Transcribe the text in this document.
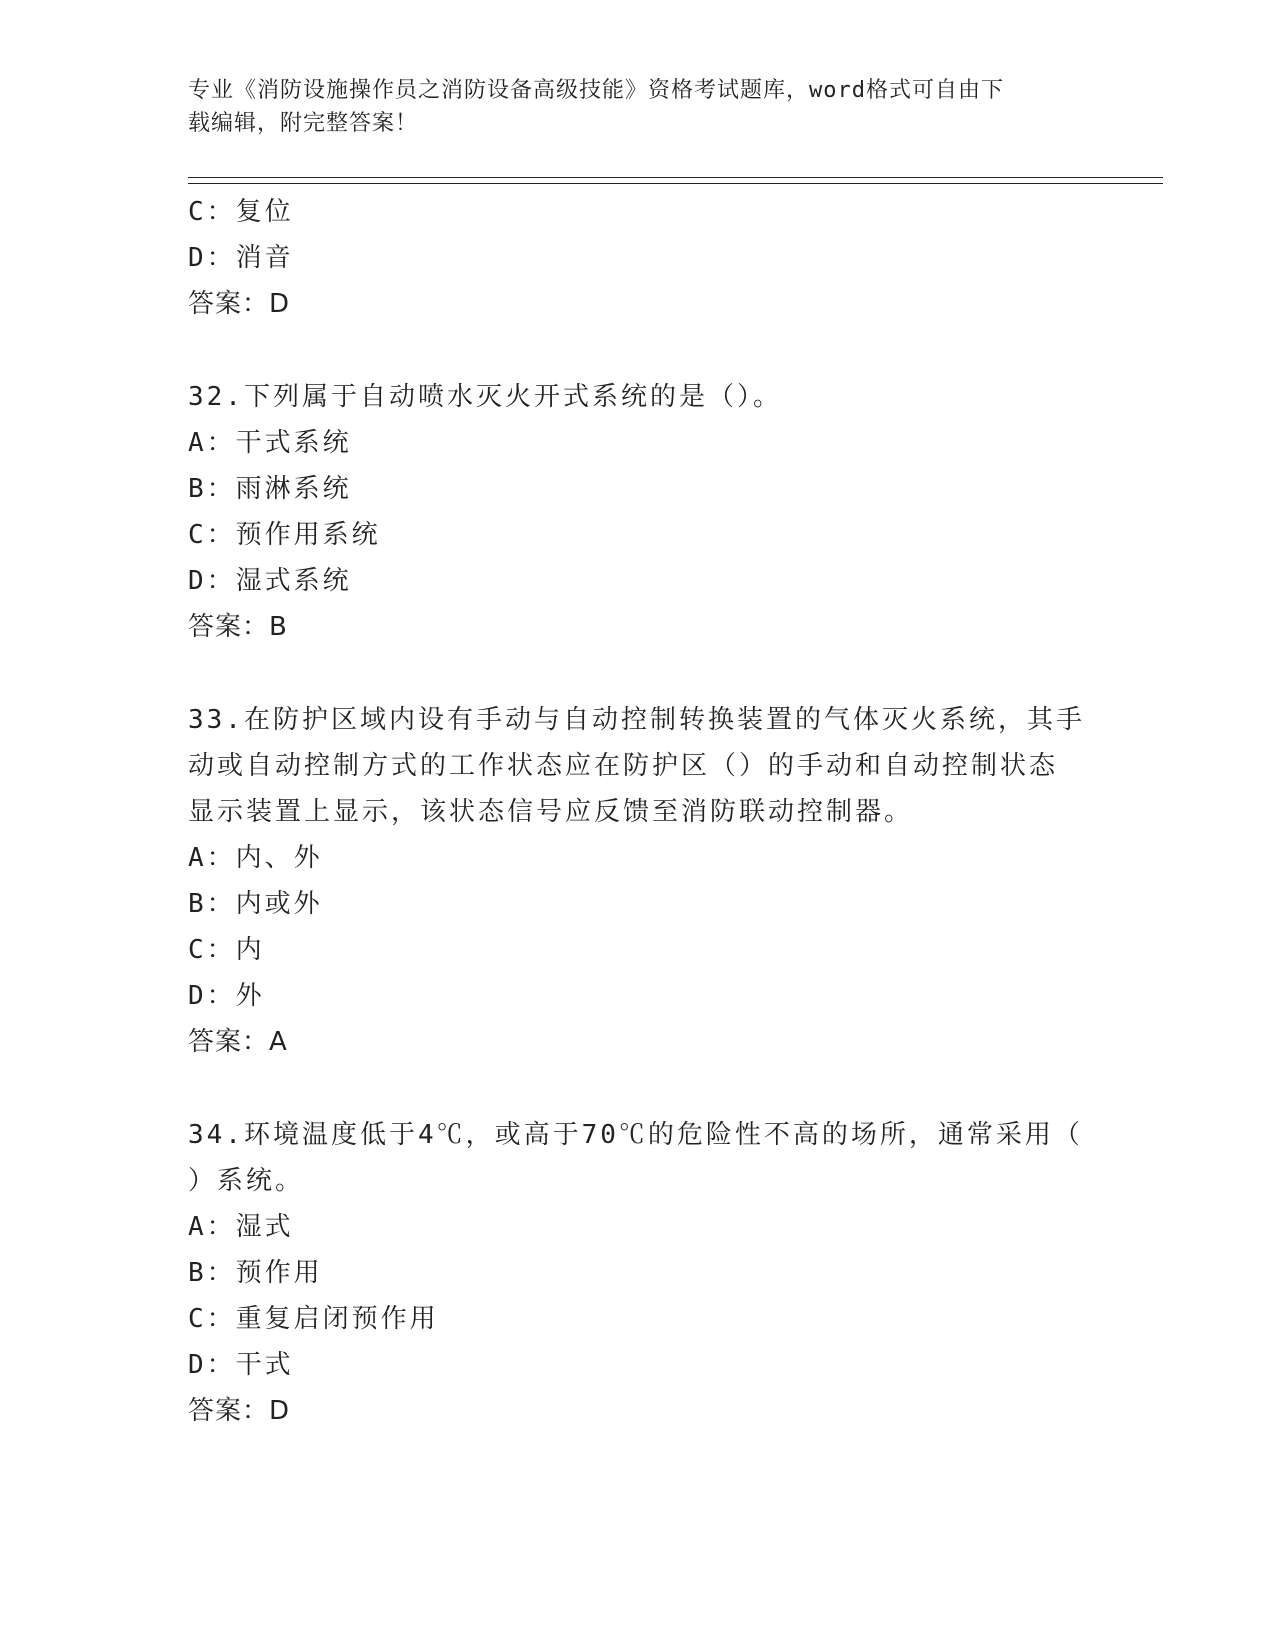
专业《消防设施操作员之消防设备高级技能》资格考试题库，word格式可自由下
载编辑，附完整答案！
C：复位
D：消音
答案：D
32.下列属于自动喷水灭火开式系统的是（）。
A：干式系统
B：雨淋系统
C：预作用系统
D：湿式系统
答案：B
33.在防护区域内设有手动与自动控制转换装置的气体灭火系统，其手
动或自动控制方式的工作状态应在防护区（）的手动和自动控制状态
显示装置上显示，该状态信号应反馈至消防联动控制器。
A：内、外
B：内或外
C：内
D：外
答案：A
34.环境温度低于4℃，或高于70℃的危险性不高的场所，通常采用（
）系统。
A：湿式
B：预作用
C：重复启闭预作用
D：干式
答案：D
